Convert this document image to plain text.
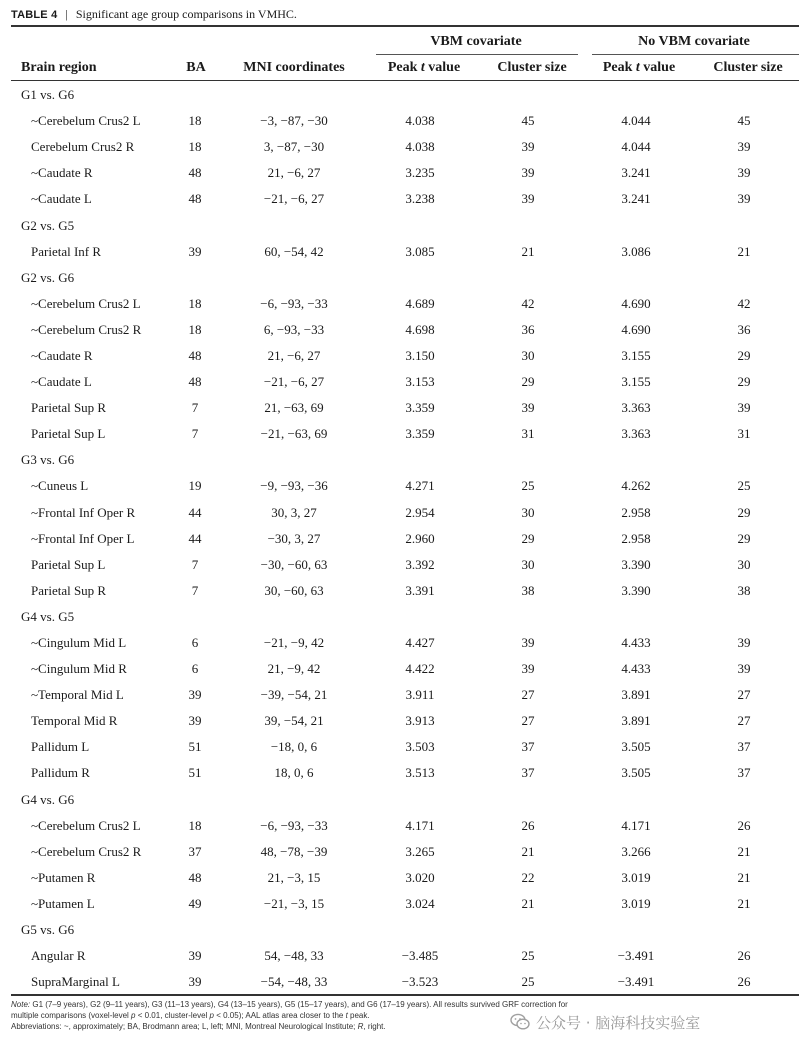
TABLE 4 | Significant age group comparisons in VMHC.
VBM covariate	No VBM covariate
Brain region	BA	MNI coordinates	Peak t value	Cluster size	Peak t value	Cluster size
G1 vs. G6						
~Cerebelum Crus2 L	18	−3, −87, −30	4.038	45	4.044	45
Cerebelum Crus2 R	18	3, −87, −30	4.038	39	4.044	39
~Caudate R	48	21, −6, 27	3.235	39	3.241	39
~Caudate L	48	−21, −6, 27	3.238	39	3.241	39
G2 vs. G5						
Parietal Inf R	39	60, −54, 42	3.085	21	3.086	21
G2 vs. G6						
~Cerebelum Crus2 L	18	−6, −93, −33	4.689	42	4.690	42
~Cerebelum Crus2 R	18	6, −93, −33	4.698	36	4.690	36
~Caudate R	48	21, −6, 27	3.150	30	3.155	29
~Caudate L	48	−21, −6, 27	3.153	29	3.155	29
Parietal Sup R	7	21, −63, 69	3.359	39	3.363	39
Parietal Sup L	7	−21, −63, 69	3.359	31	3.363	31
G3 vs. G6						
~Cuneus L	19	−9, −93, −36	4.271	25	4.262	25
~Frontal Inf Oper R	44	30, 3, 27	2.954	30	2.958	29
~Frontal Inf Oper L	44	−30, 3, 27	2.960	29	2.958	29
Parietal Sup L	7	−30, −60, 63	3.392	30	3.390	30
Parietal Sup R	7	30, −60, 63	3.391	38	3.390	38
G4 vs. G5						
~Cingulum Mid L	6	−21, −9, 42	4.427	39	4.433	39
~Cingulum Mid R	6	21, −9, 42	4.422	39	4.433	39
~Temporal Mid L	39	−39, −54, 21	3.911	27	3.891	27
Temporal Mid R	39	39, −54, 21	3.913	27	3.891	27
Pallidum L	51	−18, 0, 6	3.503	37	3.505	37
Pallidum R	51	18, 0, 6	3.513	37	3.505	37
G4 vs. G6						
~Cerebelum Crus2 L	18	−6, −93, −33	4.171	26	4.171	26
~Cerebelum Crus2 R	37	48, −78, −39	3.265	21	3.266	21
~Putamen R	48	21, −3, 15	3.020	22	3.019	21
~Putamen L	49	−21, −3, 15	3.024	21	3.019	21
G5 vs. G6						
Angular R	39	54, −48, 33	−3.485	25	−3.491	26
SupraMarginal L	39	−54, −48, 33	−3.523	25	−3.491	26
Note: G1 (7–9 years), G2 (9–11 years), G3 (11–13 years), G4 (13–15 years), G5 (15–17 years), and G6 (17–19 years). All results survived GRF correction for multiple comparisons (voxel-level p < 0.01, cluster-level p < 0.05); AAL atlas area closer to the t peak.
Abbreviations: ~, approximately; BA, Brodmann area; L, left; MNI, Montreal Neurological Institute; R, right.	公众号 · 脑海科技实验室
